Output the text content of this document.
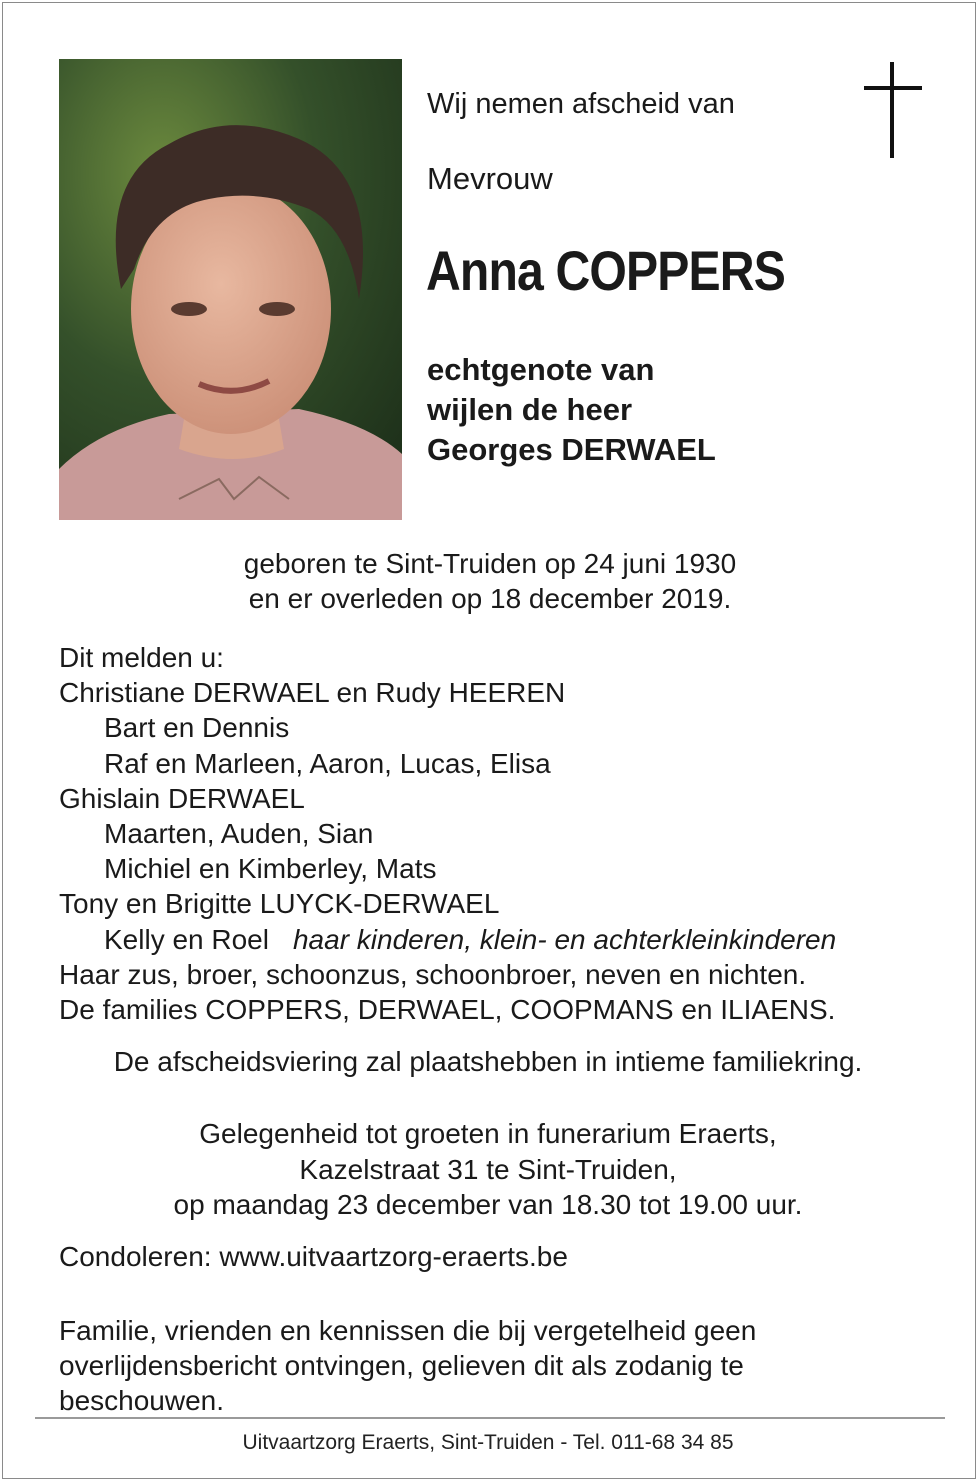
Wij nemen afscheid van
Mevrouw
Anna COPPERS
echtgenote van
wijlen de heer
Georges DERWAEL
geboren te Sint-Truiden op 24 juni 1930
en er overleden op 18 december 2019.
Dit melden u:
Christiane DERWAEL en Rudy HEEREN
Bart en Dennis
Raf en Marleen, Aaron, Lucas, Elisa
Ghislain DERWAEL
Maarten, Auden, Sian
Michiel en Kimberley, Mats
Tony en Brigitte LUYCK-DERWAEL
Kelly en Roel haar kinderen, klein- en achterkleinkinderen
Haar zus, broer, schoonzus, schoonbroer, neven en nichten.
De families COPPERS, DERWAEL, COOPMANS en ILIAENS.
De afscheidsviering zal plaatshebben in intieme familiekring.
Gelegenheid tot groeten in funerarium Eraerts,
Kazelstraat 31 te Sint-Truiden,
op maandag 23 december van 18.30 tot 19.00 uur.
Condoleren: www.uitvaartzorg-eraerts.be
Familie, vrienden en kennissen die bij vergetelheid geen
overlijdensbericht ontvingen, gelieven dit als zodanig te
beschouwen.
Uitvaartzorg Eraerts, Sint-Truiden - Tel. 011-68 34 85
